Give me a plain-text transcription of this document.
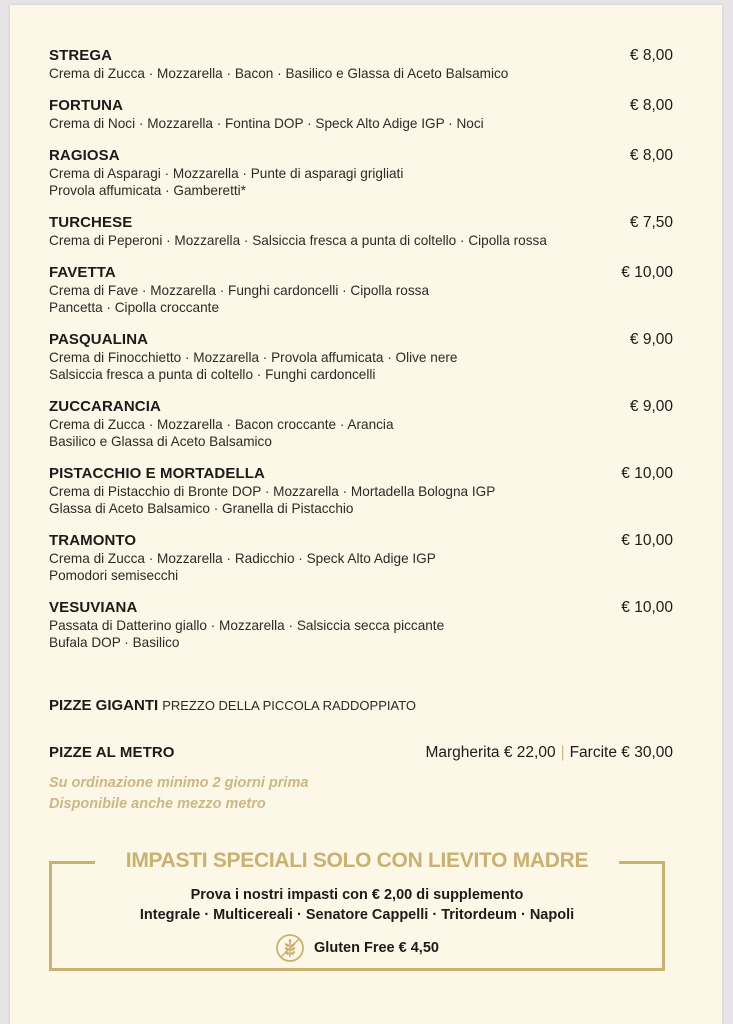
STREGA	€ 8,00
Crema di Zucca · Mozzarella · Bacon · Basilico e Glassa di Aceto Balsamico
FORTUNA	€ 8,00
Crema di Noci · Mozzarella · Fontina DOP · Speck Alto Adige IGP · Noci
RAGIOSA	€ 8,00
Crema di Asparagi · Mozzarella · Punte di asparagi grigliati
Provola affumicata · Gamberetti*
TURCHESE	€ 7,50
Crema di Peperoni · Mozzarella · Salsiccia fresca a punta di coltello · Cipolla rossa
FAVETTA	€ 10,00
Crema di Fave · Mozzarella · Funghi cardoncelli · Cipolla rossa
Pancetta · Cipolla croccante
PASQUALINA	€ 9,00
Crema di Finocchietto · Mozzarella · Provola affumicata · Olive nere
Salsiccia fresca a punta di coltello · Funghi cardoncelli
ZUCCARANCIA	€ 9,00
Crema di Zucca · Mozzarella · Bacon croccante · Arancia
Basilico e Glassa di Aceto Balsamico
PISTACCHIO E MORTADELLA	€ 10,00
Crema di Pistacchio di Bronte DOP · Mozzarella · Mortadella Bologna IGP
Glassa di Aceto Balsamico · Granella di Pistacchio
TRAMONTO	€ 10,00
Crema di Zucca · Mozzarella · Radicchio · Speck Alto Adige IGP
Pomodori semisecchi
VESUVIANA	€ 10,00
Passata di Datterino giallo · Mozzarella · Salsiccia secca piccante
Bufala DOP · Basilico
PIZZE GIGANTI PREZZO DELLA PICCOLA RADDOPPIATO
PIZZE AL METRO	Margherita € 22,00 | Farcite € 30,00
Su ordinazione minimo 2 giorni prima
Disponibile anche mezzo metro
IMPASTI SPECIALI SOLO CON LIEVITO MADRE
Prova i nostri impasti con € 2,00 di supplemento
Integrale · Multicereali · Senatore Cappelli · Tritordeum · Napoli
Gluten Free € 4,50
